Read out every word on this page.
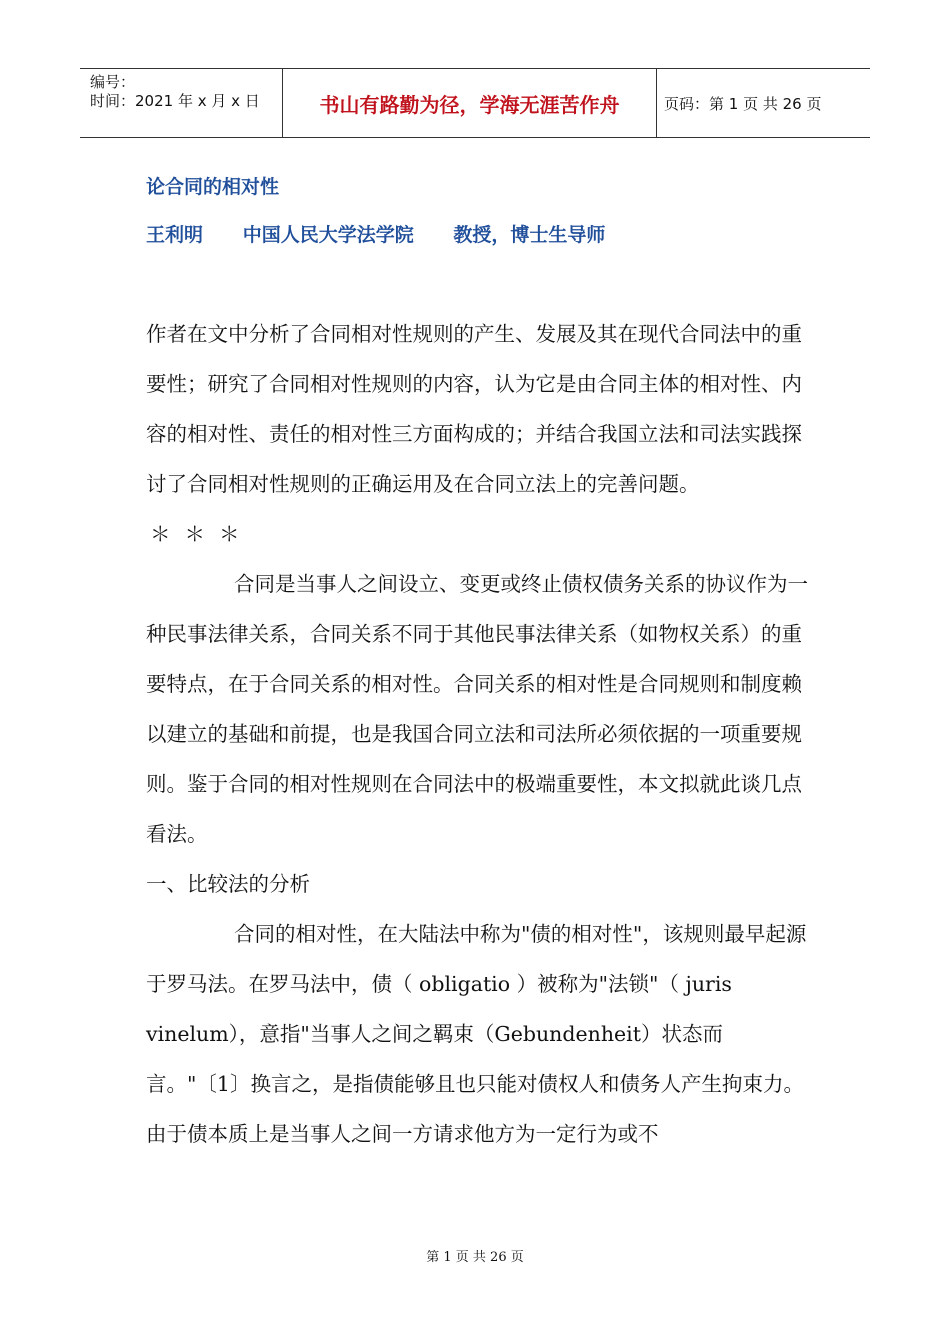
编号：
时间：2021 年 x 月 x 日	书山有路勤为径，学海无涯苦作舟	页码：第 1 页 共 26 页
论合同的相对性
王利明      中国人民大学法学院      教授，博士生导师

作者在文中分析了合同相对性规则的产生、发展及其在现代合同法中的重要性；研究了合同相对性规则的内容，认为它是由合同主体的相对性、内容的相对性、责任的相对性三方面构成的；并结合我国立法和司法实践探讨了合同相对性规则的正确运用及在合同立法上的完善问题。

＊＊＊

合同是当事人之间设立、变更或终止债权债务关系的协议作为一种民事法律关系，合同关系不同于其他民事法律关系（如物权关系）的重要特点，在于合同关系的相对性。合同关系的相对性是合同规则和制度赖以建立的基础和前提，也是我国合同立法和司法所必须依据的一项重要规则。鉴于合同的相对性规则在合同法中的极端重要性，本文拟就此谈几点看法。

一、比较法的分析

合同的相对性，在大陆法中称为"债的相对性"，该规则最早起源于罗马法。在罗马法中，债（ obligatio ）被称为"法锁"（ juris vinelum），意指"当事人之间之羁束（Gebundenheit）状态而言。"〔1〕换言之，是指债能够且也只能对债权人和债务人产生拘束力。 由于债本质上是当事人之间一方请求他方为一定行为或不

第 1 页 共 26 页
